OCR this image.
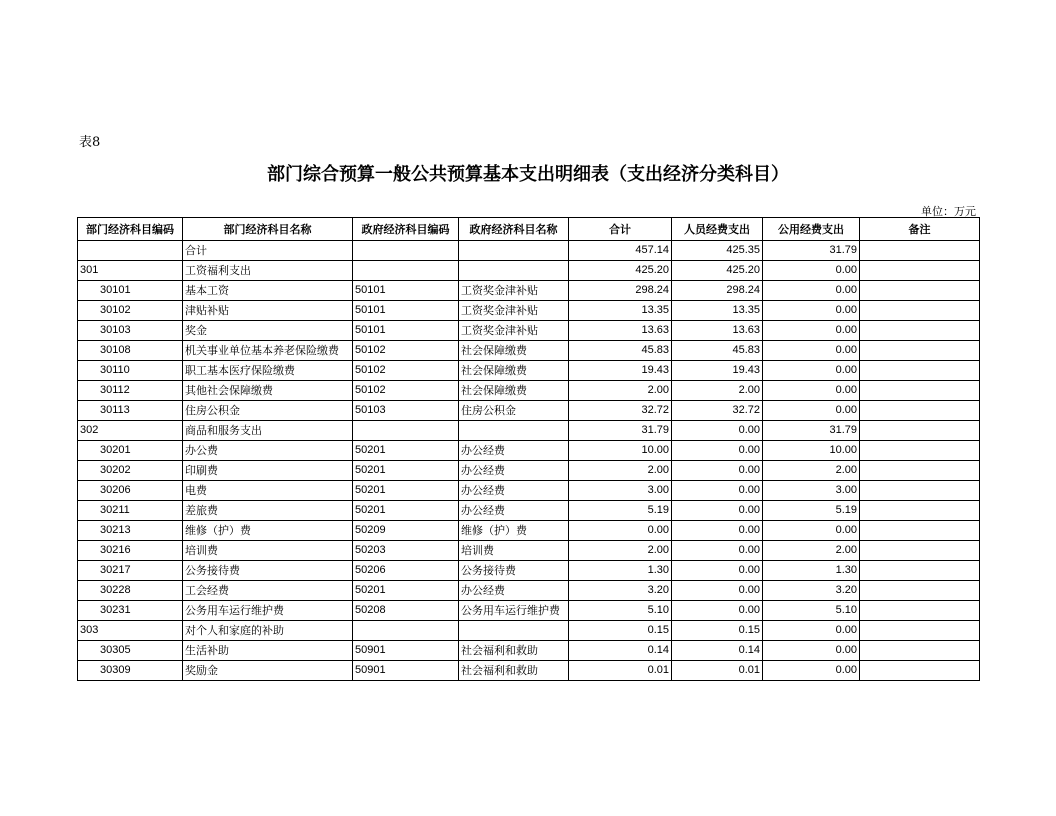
表8
部门综合预算一般公共预算基本支出明细表（支出经济分类科目）
单位：万元
部门经济科目编码	部门经济科目名称	政府经济科目编码	政府经济科目名称	合计	人员经费支出	公用经费支出	备注
	合计			457.14	425.35	31.79	
301	工资福利支出			425.20	425.20	0.00	
30101	基本工资	50101	工资奖金津补贴	298.24	298.24	0.00	
30102	津贴补贴	50101	工资奖金津补贴	13.35	13.35	0.00	
30103	奖金	50101	工资奖金津补贴	13.63	13.63	0.00	
30108	机关事业单位基本养老保险缴费	50102	社会保障缴费	45.83	45.83	0.00	
30110	职工基本医疗保险缴费	50102	社会保障缴费	19.43	19.43	0.00	
30112	其他社会保障缴费	50102	社会保障缴费	2.00	2.00	0.00	
30113	住房公积金	50103	住房公积金	32.72	32.72	0.00	
302	商品和服务支出			31.79	0.00	31.79	
30201	办公费	50201	办公经费	10.00	0.00	10.00	
30202	印刷费	50201	办公经费	2.00	0.00	2.00	
30206	电费	50201	办公经费	3.00	0.00	3.00	
30211	差旅费	50201	办公经费	5.19	0.00	5.19	
30213	维修（护）费	50209	维修（护）费	0.00	0.00	0.00	
30216	培训费	50203	培训费	2.00	0.00	2.00	
30217	公务接待费	50206	公务接待费	1.30	0.00	1.30	
30228	工会经费	50201	办公经费	3.20	0.00	3.20	
30231	公务用车运行维护费	50208	公务用车运行维护费	5.10	0.00	5.10	
303	对个人和家庭的补助			0.15	0.15	0.00	
30305	生活补助	50901	社会福利和救助	0.14	0.14	0.00	
30309	奖励金	50901	社会福利和救助	0.01	0.01	0.00	
